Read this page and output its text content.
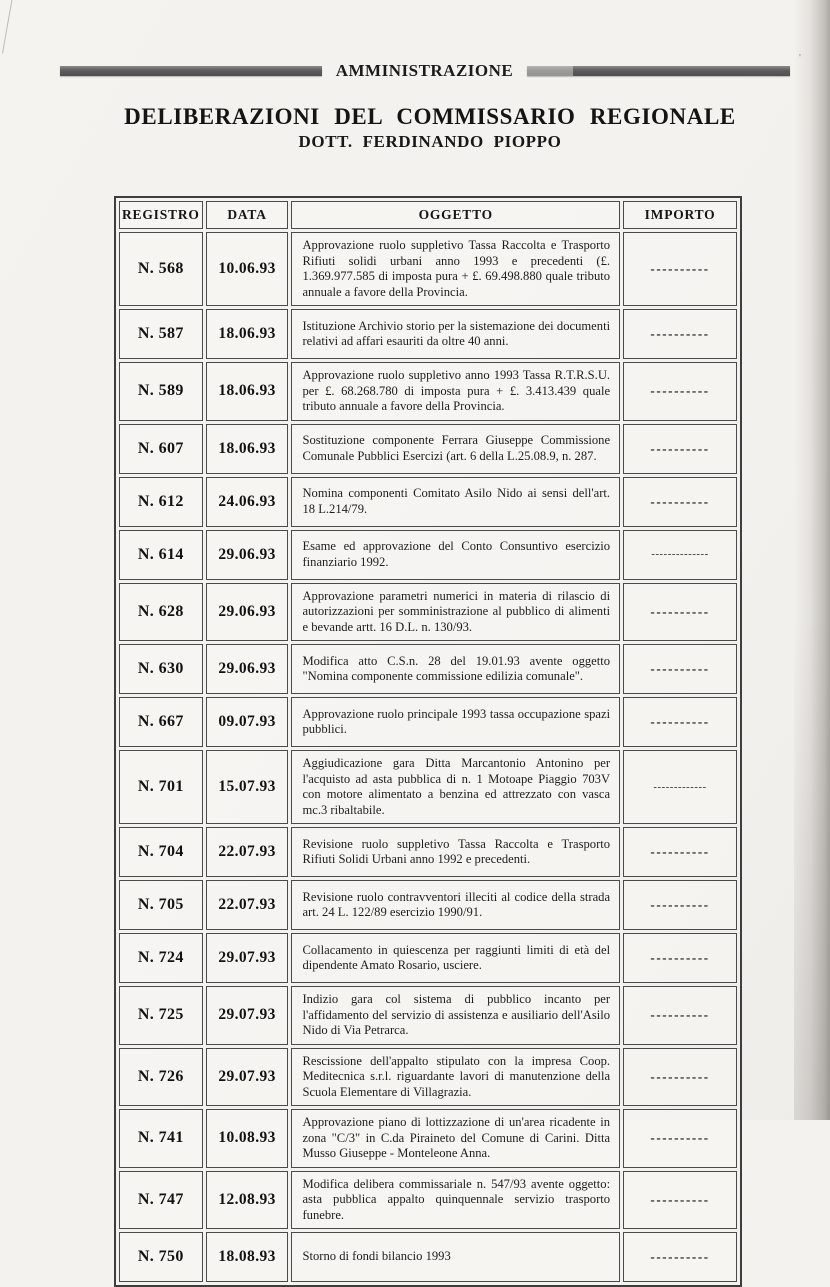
'
AMMINISTRAZIONE
DELIBERAZIONI DEL COMMISSARIO REGIONALE
DOTT. FERDINANDO PIOPPO
REGISTRO	DATA	OGGETTO	IMPORTO
N. 568	10.06.93	Approvazione ruolo suppletivo Tassa Raccolta e Trasporto Rifiuti solidi urbani anno 1993 e precedenti (£. 1.369.977.585 di imposta pura + £. 69.498.880 quale tributo annuale a favore della Provincia.	----------
N. 587	18.06.93	Istituzione Archivio storio per la sistemazione dei documenti relativi ad affari esauriti da oltre 40 anni.	----------
N. 589	18.06.93	Approvazione ruolo suppletivo anno 1993 Tassa R.T.R.S.U. per £. 68.268.780 di imposta pura + £. 3.413.439 quale tributo annuale a favore della Provincia.	----------
N. 607	18.06.93	Sostituzione componente Ferrara Giuseppe Commissione Comunale Pubblici Esercizi (art. 6 della L.25.08.9, n. 287.	----------
N. 612	24.06.93	Nomina componenti Comitato Asilo Nido ai sensi dell'art. 18 L.214/79.	----------
N. 614	29.06.93	Esame ed approvazione del Conto Consuntivo esercizio finanziario 1992.	--------------
N. 628	29.06.93	Approvazione parametri numerici in materia di rilascio di autorizzazioni per somministrazione al pubblico di alimenti e bevande artt. 16 D.L. n. 130/93.	----------
N. 630	29.06.93	Modifica atto C.S.n. 28 del 19.01.93 avente oggetto "Nomina componente commissione edilizia comunale".	----------
N. 667	09.07.93	Approvazione ruolo principale 1993 tassa occupazione spazi pubblici.	----------
N. 701	15.07.93	Aggiudicazione gara Ditta Marcantonio Antonino per l'acquisto ad asta pubblica di n. 1 Motoape Piaggio 703V con motore alimentato a benzina ed attrezzato con vasca mc.3 ribaltabile.	-------------
N. 704	22.07.93	Revisione ruolo suppletivo Tassa Raccolta e Trasporto Rifiuti Solidi Urbani anno 1992 e precedenti.	----------
N. 705	22.07.93	Revisione ruolo contravventori illeciti al codice della strada art. 24 L. 122/89 esercizio 1990/91.	----------
N. 724	29.07.93	Collacamento in quiescenza per raggiunti limiti di età del dipendente Amato Rosario, usciere.	----------
N. 725	29.07.93	Indizio gara col sistema di pubblico incanto per l'affidamento del servizio di assistenza e ausiliario dell'Asilo Nido di Via Petrarca.	----------
N. 726	29.07.93	Rescissione dell'appalto stipulato con la impresa Coop. Meditecnica s.r.l. riguardante lavori di manutenzione della Scuola Elementare di Villagrazia.	----------
N. 741	10.08.93	Approvazione piano di lottizzazione di un'area ricadente in zona "C/3" in C.da Piraineto del Comune di Carini. Ditta Musso Giuseppe - Monteleone Anna.	----------
N. 747	12.08.93	Modifica delibera commissariale n. 547/93 avente oggetto: asta pubblica appalto quinquennale servizio trasporto funebre.	----------
N. 750	18.08.93	Storno di fondi bilancio 1993	----------
